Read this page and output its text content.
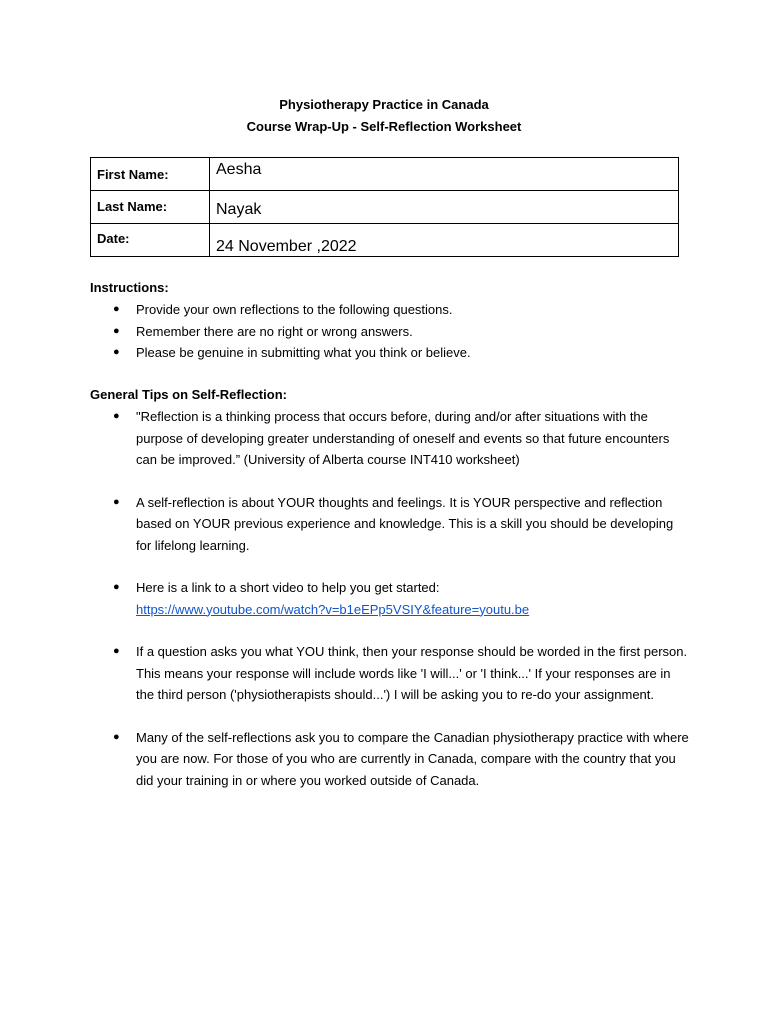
Physiotherapy Practice in Canada
Course Wrap-Up - Self-Reflection Worksheet
First Name:	Aesha

Last Name:	Nayak

Date:	24 November ,2022
Instructions:
● Provide your own reflections to the following questions.
● Remember there are no right or wrong answers.
● Please be genuine in submitting what you think or believe.
General Tips on Self-Reflection:
● "Reflection is a thinking process that occurs before, during and/or after situations with the purpose of developing greater understanding of oneself and events so that future encounters can be improved.” (University of Alberta course INT410 worksheet)
● A self-reflection is about YOUR thoughts and feelings. It is YOUR perspective and reflection based on YOUR previous experience and knowledge. This is a skill you should be developing for lifelong learning.
● Here is a link to a short video to help you get started:
https://www.youtube.com/watch?v=b1eEPp5VSIY&feature=youtu.be
● If a question asks you what YOU think, then your response should be worded in the first person. This means your response will include words like 'I will...' or 'I think...' If your responses are in the third person ('physiotherapists should...') I will be asking you to re-do your assignment.
● Many of the self-reflections ask you to compare the Canadian physiotherapy practice with where you are now. For those of you who are currently in Canada, compare with the country that you did your training in or where you worked outside of Canada.
